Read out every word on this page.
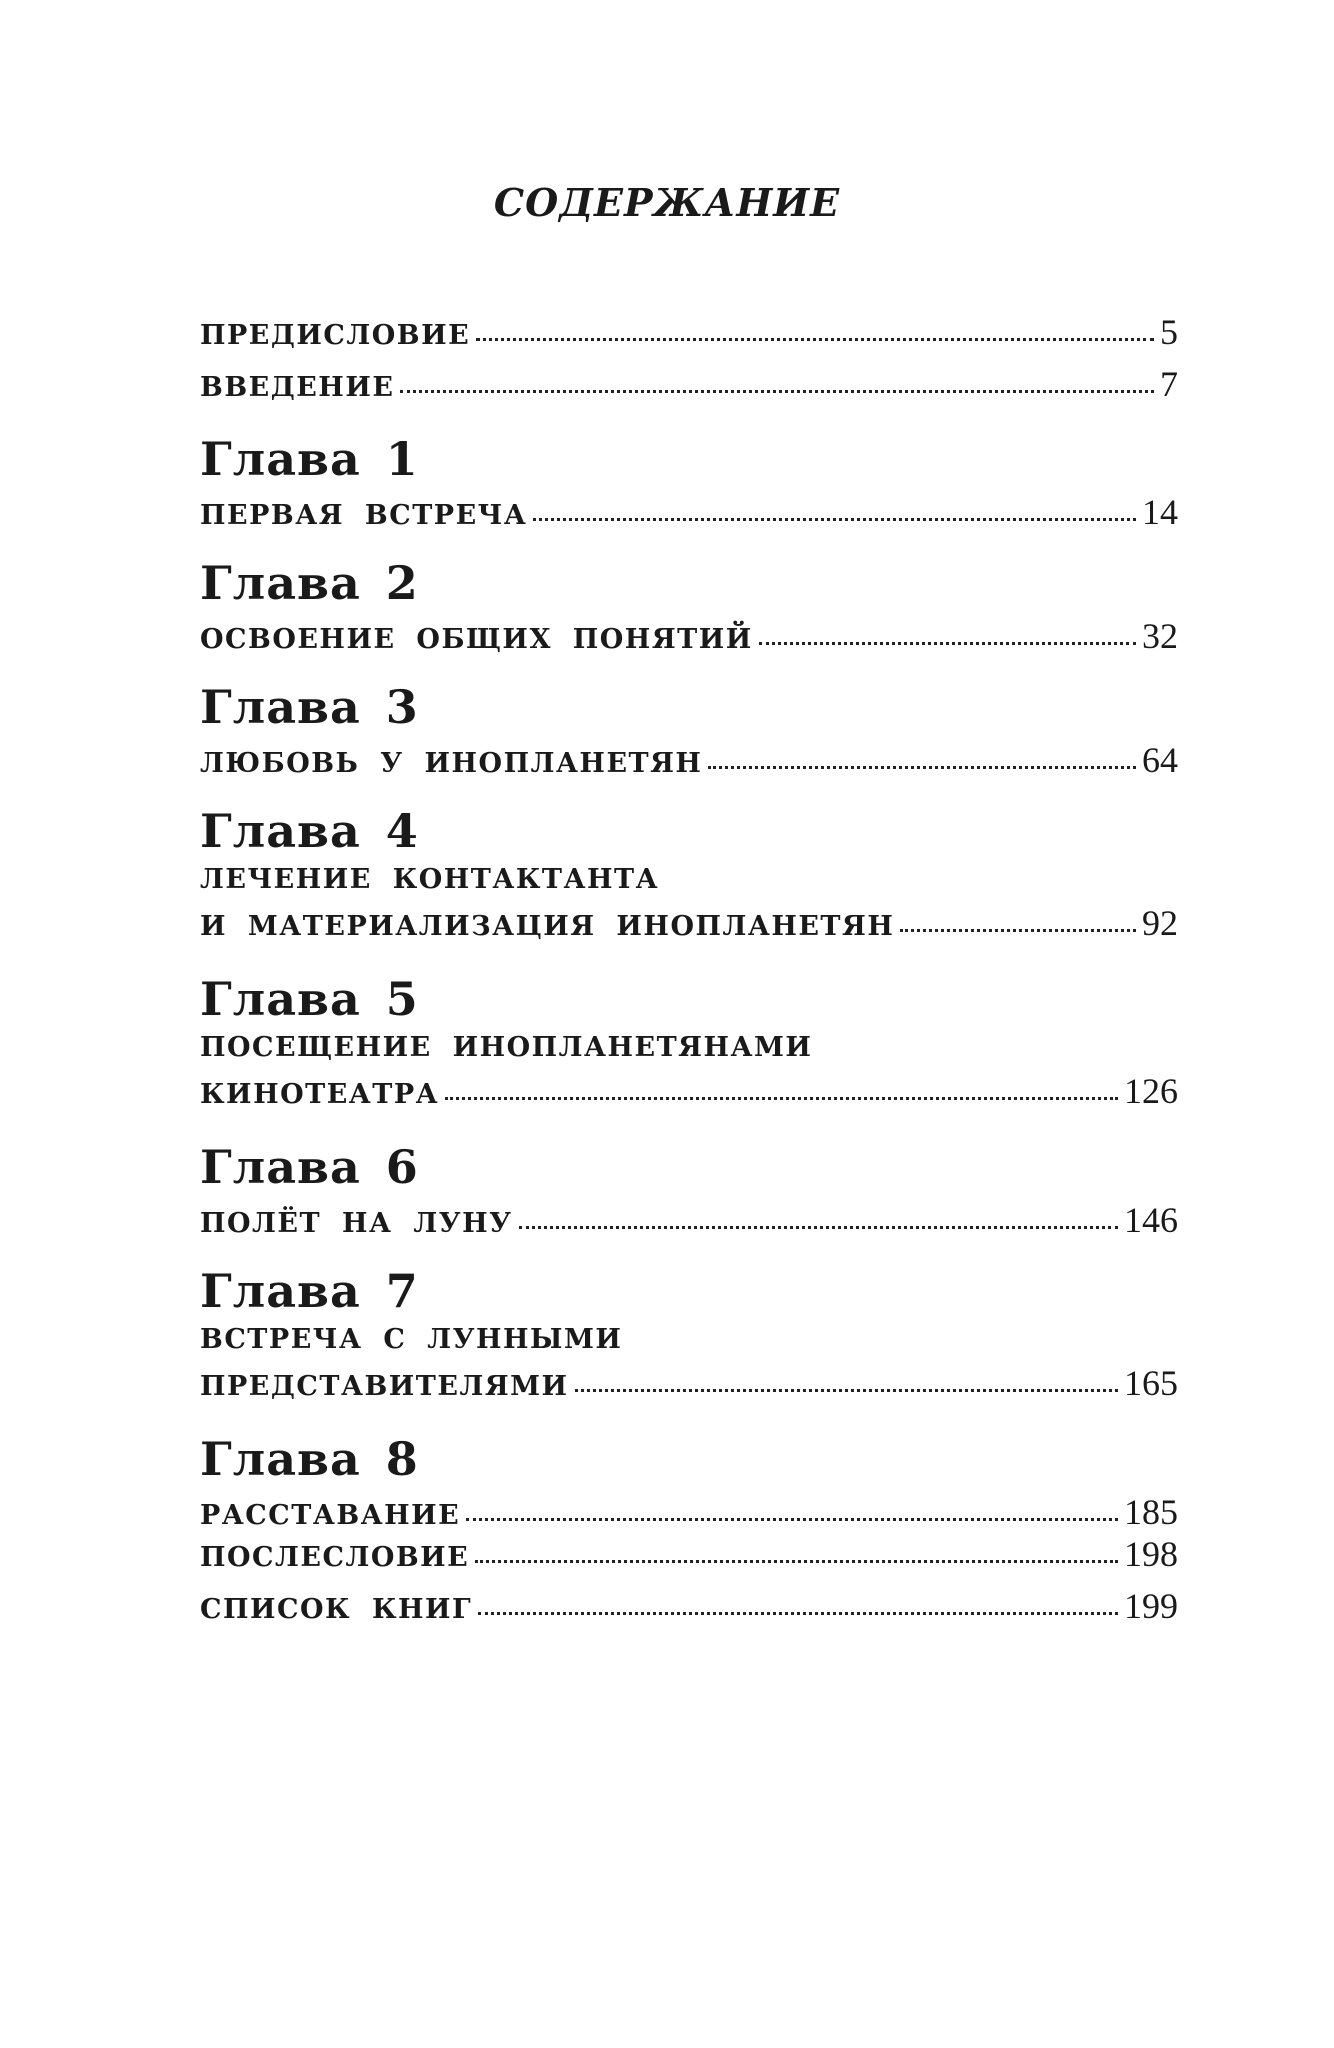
СОДЕРЖАНИЕ
ПРЕДИСЛОВИЕ	5
ВВЕДЕНИЕ	7
Глава 1
ПЕРВАЯ ВСТРЕЧА	14
Глава 2
ОСВОЕНИЕ ОБЩИХ ПОНЯТИЙ	32
Глава 3
ЛЮБОВЬ У ИНОПЛАНЕТЯН	64
Глава 4
ЛЕЧЕНИЕ КОНТАКТАНТА
И МАТЕРИАЛИЗАЦИЯ ИНОПЛАНЕТЯН	92
Глава 5
ПОСЕЩЕНИЕ ИНОПЛАНЕТЯНАМИ
КИНОТЕАТРА	126
Глава 6
ПОЛЁТ НА ЛУНУ	146
Глава 7
ВСТРЕЧА С ЛУННЫМИ
ПРЕДСТАВИТЕЛЯМИ	165
Глава 8
РАССТАВАНИЕ	185
ПОСЛЕСЛОВИЕ	198
СПИСОК КНИГ	199
